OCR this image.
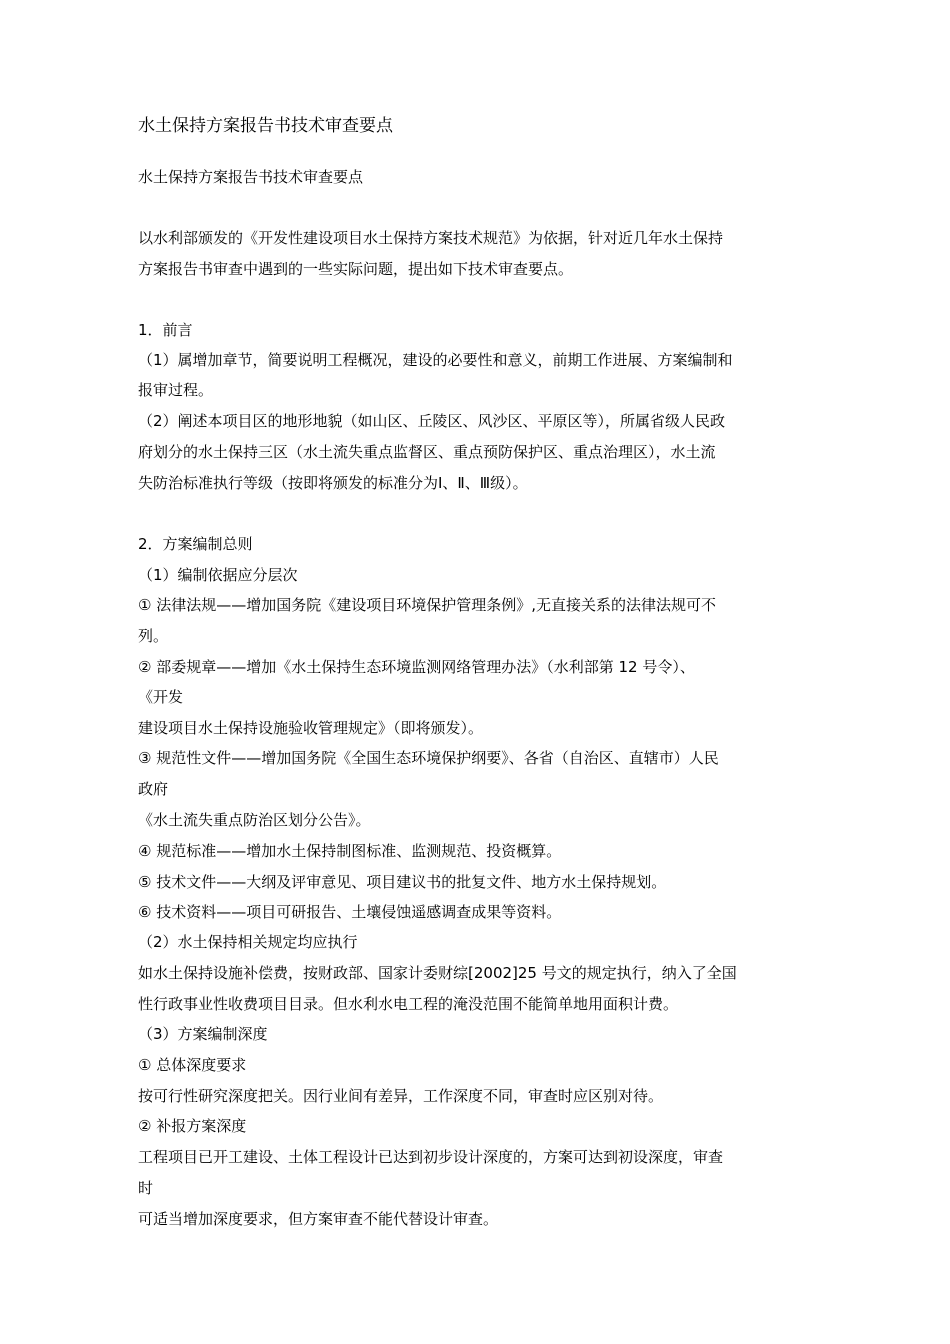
水土保持方案报告书技术审查要点
水土保持方案报告书技术审查要点
以水利部颁发的《开发性建设项目水土保持方案技术规范》为依据，针对近几年水土保持
方案报告书审查中遇到的一些实际问题，提出如下技术审查要点。
1．前言
（1）属增加章节，简要说明工程概况，建设的必要性和意义，前期工作进展、方案编制和
报审过程。
（2）阐述本项目区的地形地貌（如山区、丘陵区、风沙区、平原区等），所属省级人民政
府划分的水土保持三区（水土流失重点监督区、重点预防保护区、重点治理区），水土流
失防治标准执行等级（按即将颁发的标准分为Ⅰ、Ⅱ、Ⅲ级）。
2．方案编制总则
（1）编制依据应分层次
① 法律法规——增加国务院《建设项目环境保护管理条例》,无直接关系的法律法规可不
列。
② 部委规章——增加《水土保持生态环境监测网络管理办法》（水利部第 12 号令）、
《开发
建设项目水土保持设施验收管理规定》（即将颁发）。
③ 规范性文件——增加国务院《全国生态环境保护纲要》、各省（自治区、直辖市）人民
政府
《水土流失重点防治区划分公告》。
④ 规范标准——增加水土保持制图标准、监测规范、投资概算。
⑤ 技术文件——大纲及评审意见、项目建议书的批复文件、地方水土保持规划。
⑥ 技术资料——项目可研报告、土壤侵蚀遥感调查成果等资料。
（2）水土保持相关规定均应执行
如水土保持设施补偿费，按财政部、国家计委财综[2002]25 号文的规定执行，纳入了全国
性行政事业性收费项目目录。但水利水电工程的淹没范围不能简单地用面积计费。
（3）方案编制深度
① 总体深度要求
按可行性研究深度把关。因行业间有差异，工作深度不同，审查时应区别对待。
② 补报方案深度
工程项目已开工建设、土体工程设计已达到初步设计深度的，方案可达到初设深度，审查
时
可适当增加深度要求，但方案审查不能代替设计审查。
